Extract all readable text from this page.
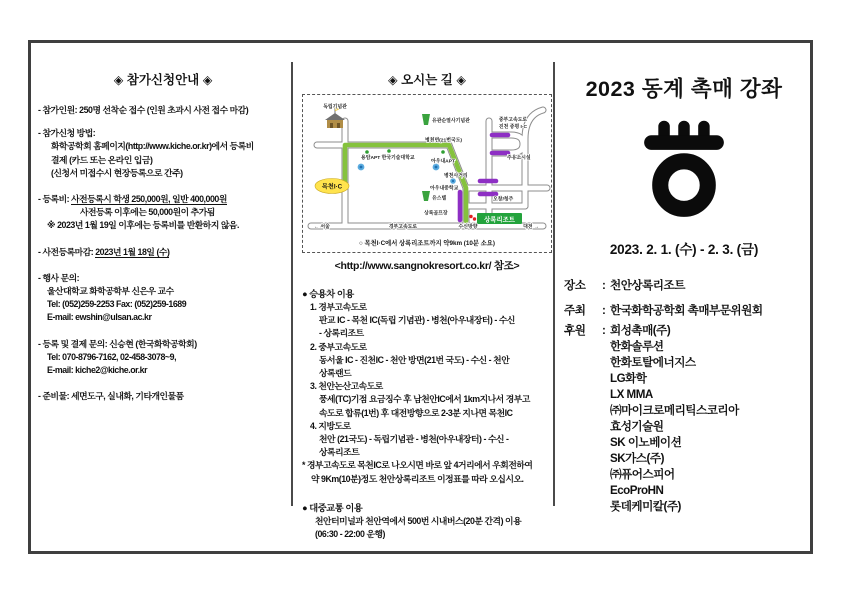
◈ 참가신청안내 ◈
- 참가인원: 250명 선착순 접수 (인원 초과시 사전 접수 마감)
- 참가신청 방법:
화학공학회 홈페이지(http://www.kiche.or.kr)에서 등록비
결제 (카드 또는 온라인 입금)
(신청서 미접수시 현장등록으로 간주)
- 등록비: 사전등록시 학생 250,000원, 일반 400,000원
사전등록 이후에는 50,000원이 추가됨
※ 2023년 1월 19일 이후에는 등록비를 반환하지 않음.
- 사전등록마감: 2023년 1월 18일 (수)
- 행사 문의:
울산대학교 화학공학부 신은우 교수
Tel: (052)259-2253 Fax: (052)259-1689
E-mail: ewshin@ulsan.ac.kr
- 등록 및 결제 문의: 신승현 (한국화학공학회)
Tel: 070-8796-7162, 02-458-3078~9,
E-mail: kiche2@kiche.or.kr
- 준비물: 세면도구, 실내화, 기타개인물품
◈ 오시는 길 ◈
목천I·C
상록리조트
독립기념관
유관순열사기념관
병천면(21번국도)
용암APT 한국기술대학교
아우내APT
병천사거리
아우내중학교
유스텔
상록골프장
주유소시설
오창/청주
중부고속도로
진천 증평 I·C
← 서울	경부고속도로	수신방향	대전 →
○ 목천I·C에서 상록리조트까지 약9km (10분 소요)
<http://www.sangnokresort.co.kr/ 참조>
● 승용차 이용
1. 경부고속도로
판교 IC - 목천 IC(독립 기념관) - 병천(아우내장터) - 수신
- 상록리조트
2. 중부고속도로
동서울 IC - 진천IC - 천안 방면(21번 국도) - 수신 - 천안
상록랜드
3. 천안논산고속도로
풍세(TC)기점 요금징수 후 남천안IC에서 1km지나서 경부고
속도로 합류(1번) 후 대전방향으로 2-3분 지나면 목천IC
4. 지방도로
천안 (21국도) - 독립기념관 - 병천(아우내장터) - 수신 -
상록리조트
* 경부고속도로 목천IC로 나오시면 바로 앞 4거리에서 우회전하여
약 9Km(10분)정도 천안상록리조트 이정표를 따라 오십시오.
● 대중교통 이용
천안터미널과 천안역에서 500번 시내버스(20분 간격) 이용
(06:30 - 22:00 운행)
2023 동계 촉매 강좌
2023. 2. 1. (수) - 2. 3. (금)
장소	: 천안상록리조트
주최	: 한국화학공학회 촉매부문위원회
후원	: 희성촉매(주)
한화솔루션
한화토탈에너지스
LG화학
LX MMA
㈜마이크로메리틱스코리아
효성기술원
SK 이노베이션
SK가스(주)
㈜퓨어스피어
EcoProHN
롯데케미칼(주)
